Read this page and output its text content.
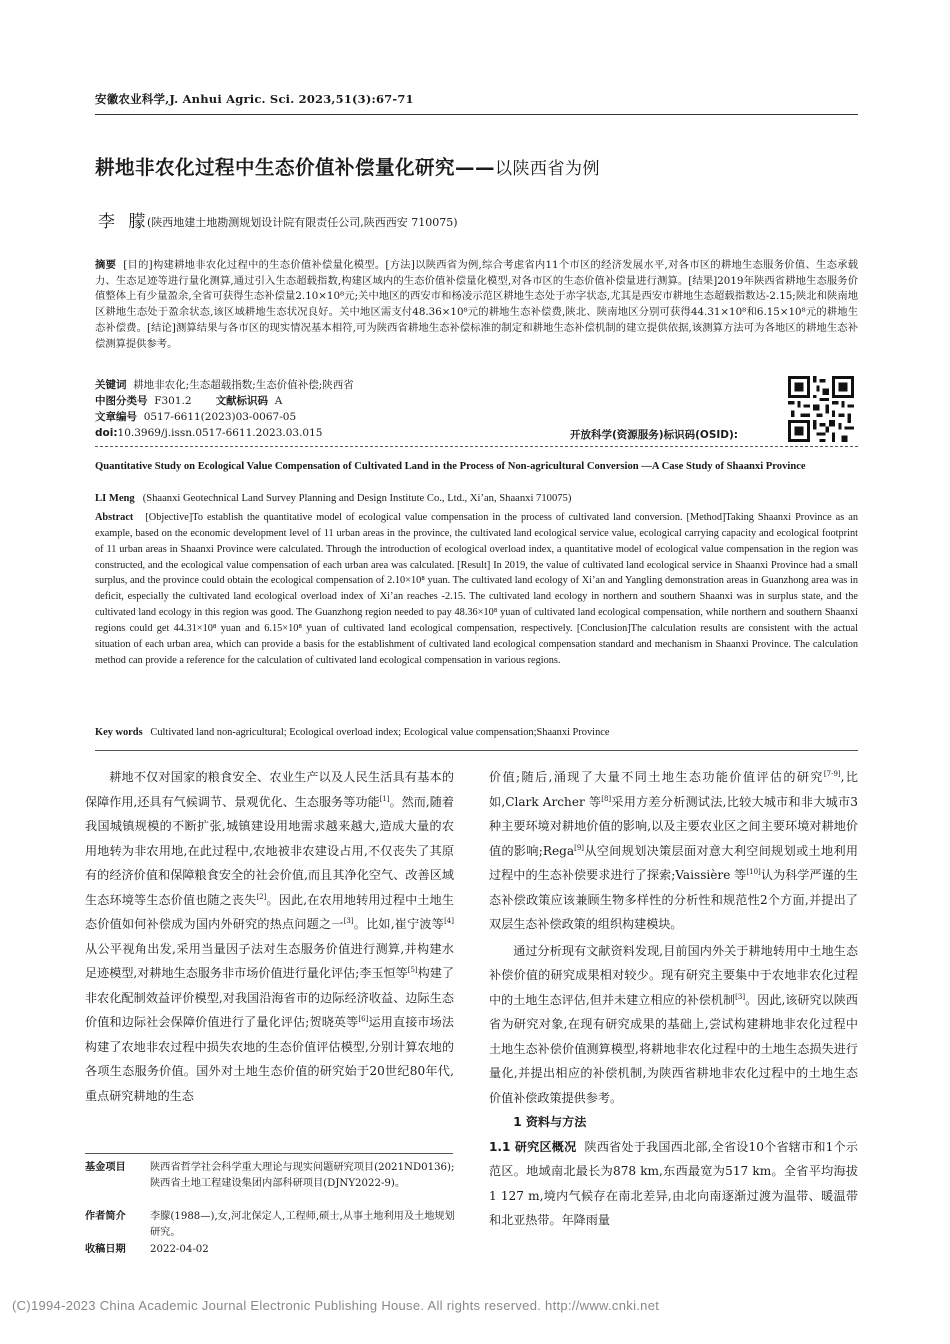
安徽农业科学,J. Anhui Agric. Sci. 2023,51(3):67-71
耕地非农化过程中生态价值补偿量化研究——以陕西省为例
李 朦
(陕西地建土地勘测规划设计院有限责任公司,陕西西安 710075)
摘要 [目的]构建耕地非农化过程中的生态价值补偿量化模型。[方法]以陕西省为例,综合考虑省内11个市区的经济发展水平,对各市区的耕地生态服务价值、生态承载力、生态足迹等进行量化测算,通过引入生态超载指数,构建区域内的生态价值补偿量化模型,对各市区的生态价值补偿量进行测算。[结果]2019年陕西省耕地生态服务价值整体上有少量盈余,全省可获得生态补偿量2.10×10⁸元;关中地区的西安市和杨凌示范区耕地生态处于赤字状态,尤其是西安市耕地生态超载指数达-2.15;陕北和陕南地区耕地生态处于盈余状态,该区域耕地生态状况良好。关中地区需支付48.36×10⁸元的耕地生态补偿费,陕北、陕南地区分别可获得44.31×10⁸和6.15×10⁸元的耕地生态补偿费。[结论]测算结果与各市区的现实情况基本相符,可为陕西省耕地生态补偿标准的制定和耕地生态补偿机制的建立提供依据,该测算方法可为各地区的耕地生态补偿测算提供参考。
关键词 耕地非农化;生态超载指数;生态价值补偿;陕西省
中图分类号 F301.2 文献标识码 A
文章编号 0517-6611(2023)03-0067-05
doi:10.3969/j.issn.0517-6611.2023.03.015	开放科学(资源服务)标识码(OSID):
Quantitative Study on Ecological Value Compensation of Cultivated Land in the Process of Non-agricultural Conversion —A Case Study of Shaanxi Province
LI Meng (Shaanxi Geotechnical Land Survey Planning and Design Institute Co., Ltd., Xi’an, Shaanxi 710075)
Abstract [Objective]To establish the quantitative model of ecological value compensation in the process of cultivated land conversion. [Method]Taking Shaanxi Province as an example, based on the economic development level of 11 urban areas in the province, the cultivated land ecological service value, ecological carrying capacity and ecological footprint of 11 urban areas in Shaanxi Province were calculated. Through the introduction of ecological overload index, a quantitative model of ecological value compensation in the region was constructed, and the ecological value compensation of each urban area was calculated. [Result] In 2019, the value of cultivated land ecological service in Shaanxi Province had a small surplus, and the province could obtain the ecological compensation of 2.10×10⁸ yuan. The cultivated land ecology of Xi’an and Yangling demonstration areas in Guanzhong area was in deficit, especially the cultivated land ecological overload index of Xi’an reaches -2.15. The cultivated land ecology in northern and southern Shaanxi was in surplus state, and the cultivated land ecology in this region was good. The Guanzhong region needed to pay 48.36×10⁸ yuan of cultivated land ecological compensation, while northern and southern Shaanxi regions could get 44.31×10⁸ yuan and 6.15×10⁸ yuan of cultivated land ecological compensation, respectively. [Conclusion]The calculation results are consistent with the actual situation of each urban area, which can provide a basis for the establishment of cultivated land ecological compensation standard and mechanism in Shaanxi Province. The calculation method can provide a reference for the calculation of cultivated land ecological compensation in various regions.
Key words Cultivated land non-agricultural; Ecological overload index; Ecological value compensation;Shaanxi Province

耕地不仅对国家的粮食安全、农业生产以及人民生活具有基本的保障作用,还具有气候调节、景观优化、生态服务等功能[1]。然而,随着我国城镇规模的不断扩张,城镇建设用地需求越来越大,造成大量的农用地转为非农用地,在此过程中,农地被非农建设占用,不仅丧失了其原有的经济价值和保障粮食安全的社会价值,而且其净化空气、改善区域生态环境等生态价值也随之丧失[2]。因此,在农用地转用过程中土地生态价值如何补偿成为国内外研究的热点问题之一[3]。比如,崔宁波等[4]从公平视角出发,采用当量因子法对生态服务价值进行测算,并构建水足迹模型,对耕地生态服务非市场价值进行量化评估;李玉恒等[5]构建了非农化配制效益评价模型,对我国沿海省市的边际经济收益、边际生态价值和边际社会保障价值进行了量化评估;贺晓英等[6]运用直接市场法构建了农地非农过程中损失农地的生态价值评估模型,分别计算农地的各项生态服务价值。国外对土地生态价值的研究始于20世纪80年代,重点研究耕地的生态

价值;随后,涌现了大量不同土地生态功能价值评估的研究[7-9],比如,Clark Archer 等[8]采用方差分析测试法,比较大城市和非大城市3种主要环境对耕地价值的影响,以及主要农业区之间主要环境对耕地价值的影响;Rega[9]从空间规划决策层面对意大利空间规划或土地利用过程中的生态补偿要求进行了探索;Vaissière 等[10]认为科学严谨的生态补偿政策应该兼顾生物多样性的分析性和规范性2个方面,并提出了双层生态补偿政策的组织构建模块。

通过分析现有文献资料发现,目前国内外关于耕地转用中土地生态补偿价值的研究成果相对较少。现有研究主要集中于农地非农化过程中的土地生态评估,但并未建立相应的补偿机制[3]。因此,该研究以陕西省为研究对象,在现有研究成果的基础上,尝试构建耕地非农化过程中土地生态补偿价值测算模型,将耕地非农化过程中的土地生态损失进行量化,并提出相应的补偿机制,为陕西省耕地非农化过程中的土地生态价值补偿政策提供参考。

1 资料与方法

1.1 研究区概况 陕西省处于我国西北部,全省设10个省辖市和1个示范区。地域南北最长为878 km,东西最宽为517 km。全省平均海拔1 127 m,境内气候存在南北差异,由北向南逐渐过渡为温带、暖温带和北亚热带。年降雨量

基金项目 陕西省哲学社会科学重大理论与现实问题研究项目(2021ND0136);陕西省土地工程建设集团内部科研项目(DJNY2022-9)。
作者简介 李朦(1988—),女,河北保定人,工程师,硕士,从事土地利用及土地规划研究。
收稿日期 2022-04-02
(C)1994-2023 China Academic Journal Electronic Publishing House. All rights reserved. http://www.cnki.net
